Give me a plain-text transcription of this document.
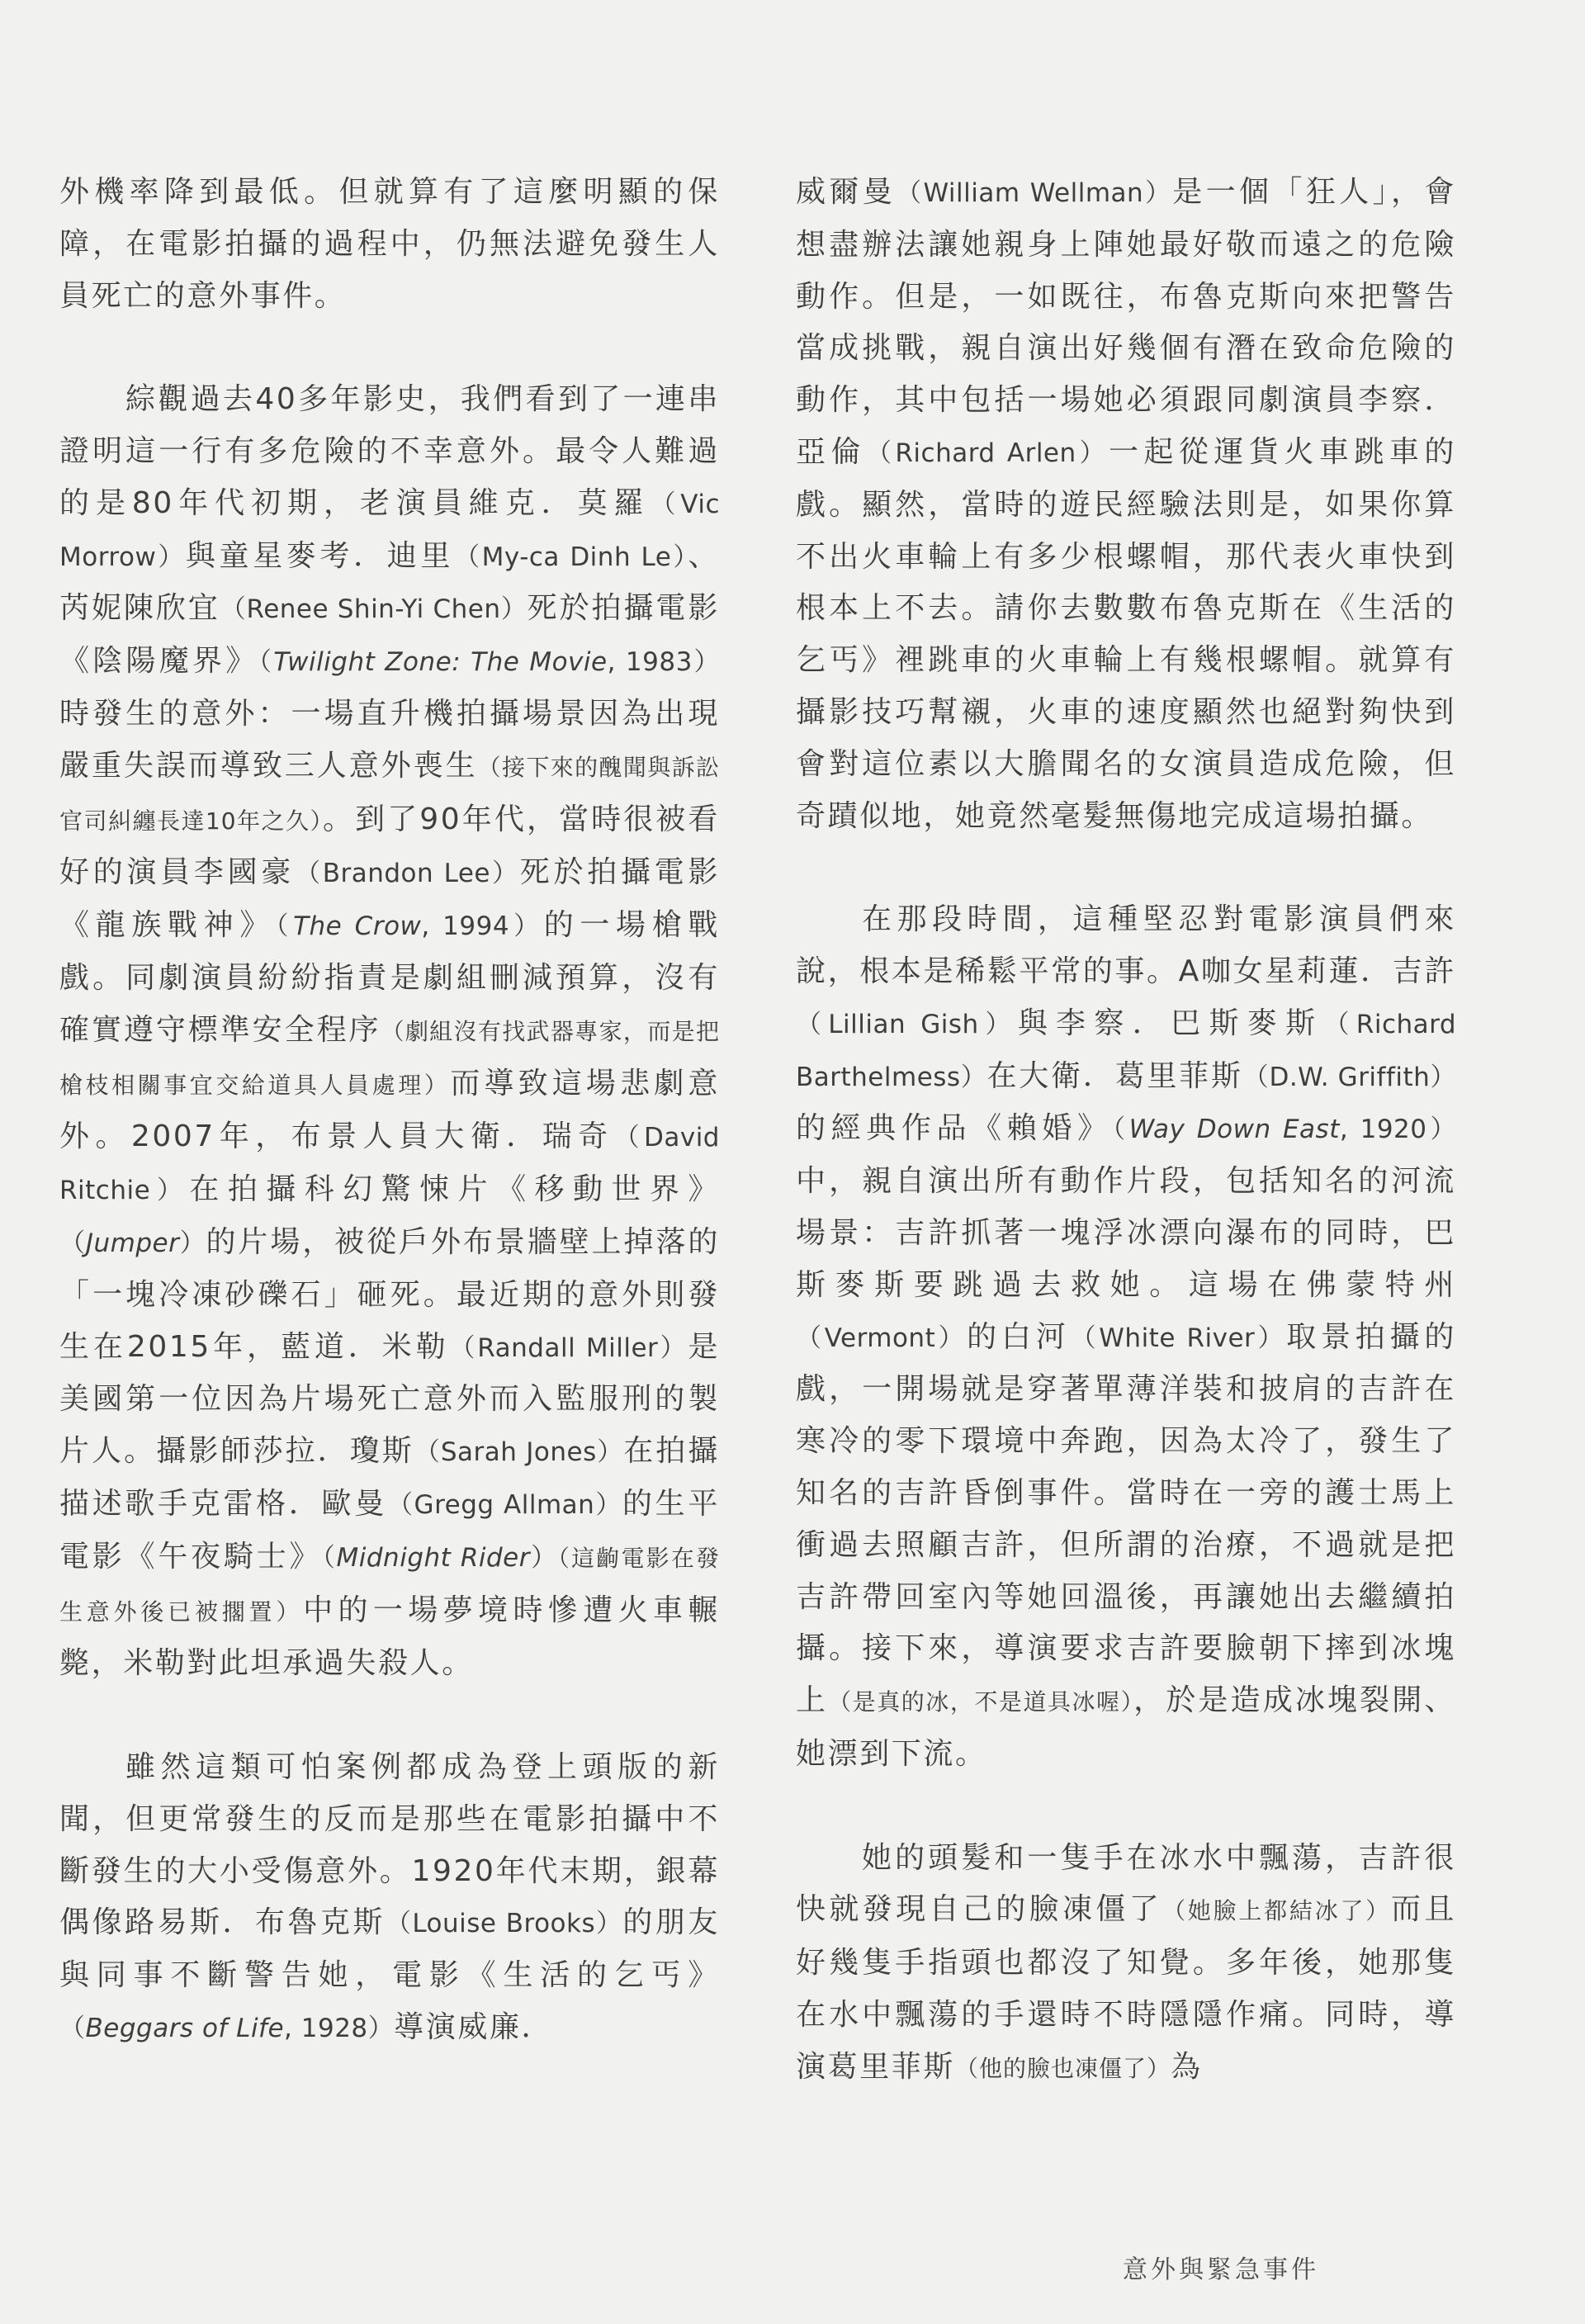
外機率降到最低。但就算有了這麼明顯的保障，在電影拍攝的過程中，仍無法避免發生人員死亡的意外事件。

綜觀過去40多年影史，我們看到了一連串證明這一行有多危險的不幸意外。最令人難過的是80年代初期，老演員維克．莫羅（Vic Morrow）與童星麥考．迪里（My-ca Dinh Le）、芮妮陳欣宜（Renee Shin-Yi Chen）死於拍攝電影《陰陽魔界》（Twilight Zone: The Movie, 1983）時發生的意外：一場直升機拍攝場景因為出現嚴重失誤而導致三人意外喪生（接下來的醜聞與訴訟官司糾纏長達10年之久）。到了90年代，當時很被看好的演員李國豪（Brandon Lee）死於拍攝電影《龍族戰神》（The Crow, 1994）的一場槍戰戲。同劇演員紛紛指責是劇組刪減預算，沒有確實遵守標準安全程序（劇組沒有找武器專家，而是把槍枝相關事宜交給道具人員處理）而導致這場悲劇意外。2007年，布景人員大衛．瑞奇（David Ritchie）在拍攝科幻驚悚片《移動世界》（Jumper）的片場，被從戶外布景牆壁上掉落的「一塊冷凍砂礫石」砸死。最近期的意外則發生在2015年，藍道．米勒（Randall Miller）是美國第一位因為片場死亡意外而入監服刑的製片人。攝影師莎拉．瓊斯（Sarah Jones）在拍攝描述歌手克雷格．歐曼（Gregg Allman）的生平電影《午夜騎士》（Midnight Rider）（這齣電影在發生意外後已被擱置）中的一場夢境時慘遭火車輾斃，米勒對此坦承過失殺人。

雖然這類可怕案例都成為登上頭版的新聞，但更常發生的反而是那些在電影拍攝中不斷發生的大小受傷意外。1920年代末期，銀幕偶像路易斯．布魯克斯（Louise Brooks）的朋友與同事不斷警告她，電影《生活的乞丐》（Beggars of Life, 1928）導演威廉．

威爾曼（William Wellman）是一個「狂人」，會想盡辦法讓她親身上陣她最好敬而遠之的危險動作。但是，一如既往，布魯克斯向來把警告當成挑戰，親自演出好幾個有潛在致命危險的動作，其中包括一場她必須跟同劇演員李察．亞倫（Richard Arlen）一起從運貨火車跳車的戲。顯然，當時的遊民經驗法則是，如果你算不出火車輪上有多少根螺帽，那代表火車快到根本上不去。請你去數數布魯克斯在《生活的乞丐》裡跳車的火車輪上有幾根螺帽。就算有攝影技巧幫襯，火車的速度顯然也絕對夠快到會對這位素以大膽聞名的女演員造成危險，但奇蹟似地，她竟然毫髮無傷地完成這場拍攝。

在那段時間，這種堅忍對電影演員們來說，根本是稀鬆平常的事。A咖女星莉蓮．吉許（Lillian Gish）與李察．巴斯麥斯（Richard Barthelmess）在大衛．葛里菲斯（D.W. Griffith）的經典作品《賴婚》（Way Down East, 1920）中，親自演出所有動作片段，包括知名的河流場景：吉許抓著一塊浮冰漂向瀑布的同時，巴斯麥斯要跳過去救她。這場在佛蒙特州（Vermont）的白河（White River）取景拍攝的戲，一開場就是穿著單薄洋裝和披肩的吉許在寒冷的零下環境中奔跑，因為太冷了，發生了知名的吉許昏倒事件。當時在一旁的護士馬上衝過去照顧吉許，但所謂的治療，不過就是把吉許帶回室內等她回溫後，再讓她出去繼續拍攝。接下來，導演要求吉許要臉朝下摔到冰塊上（是真的冰，不是道具冰喔），於是造成冰塊裂開、她漂到下流。

她的頭髮和一隻手在冰水中飄蕩，吉許很快就發現自己的臉凍僵了（她臉上都結冰了）而且好幾隻手指頭也都沒了知覺。多年後，她那隻在水中飄蕩的手還時不時隱隱作痛。同時，導演葛里菲斯（他的臉也凍僵了）為

意外與緊急事件
